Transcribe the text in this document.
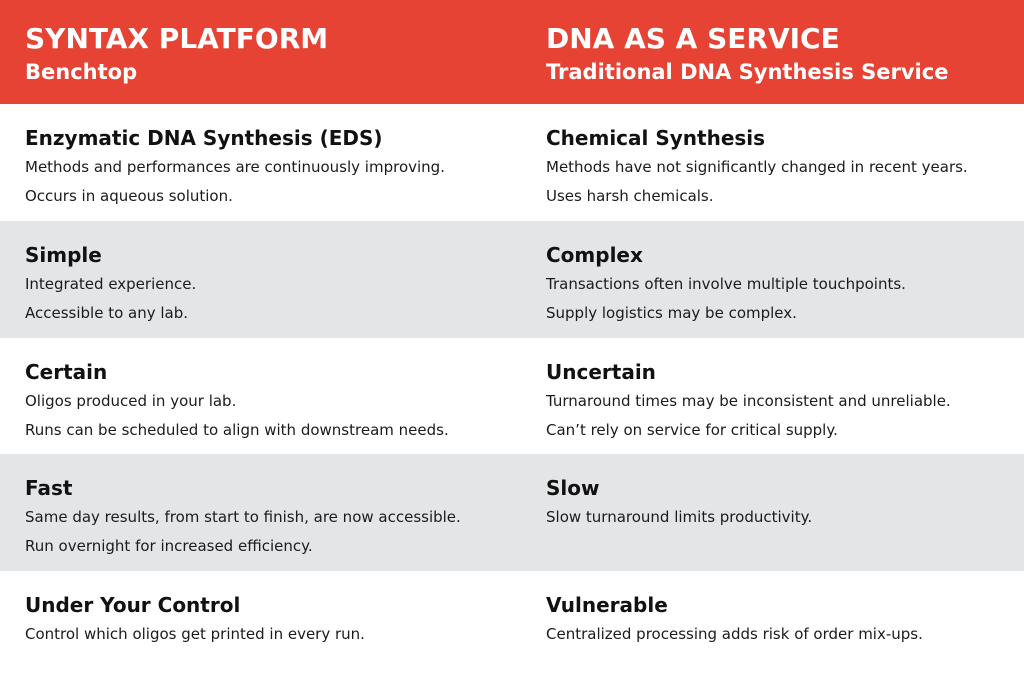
SYNTAX PLATFORM
Benchtop
DNA AS A SERVICE
Traditional DNA Synthesis Service
Enzymatic DNA Synthesis (EDS)
Methods and performances are continuously improving.
Occurs in aqueous solution.
Chemical Synthesis
Methods have not significantly changed in recent years.
Uses harsh chemicals.
Simple
Integrated experience.
Accessible to any lab.
Complex
Transactions often involve multiple touchpoints.
Supply logistics may be complex.
Certain
Oligos produced in your lab.
Runs can be scheduled to align with downstream needs.
Uncertain
Turnaround times may be inconsistent and unreliable.
Can’t rely on service for critical supply.
Fast
Same day results, from start to finish, are now accessible.
Run overnight for increased efficiency.
Slow
Slow turnaround limits productivity.
Under Your Control
Control which oligos get printed in every run.
Vulnerable
Centralized processing adds risk of order mix-ups.
